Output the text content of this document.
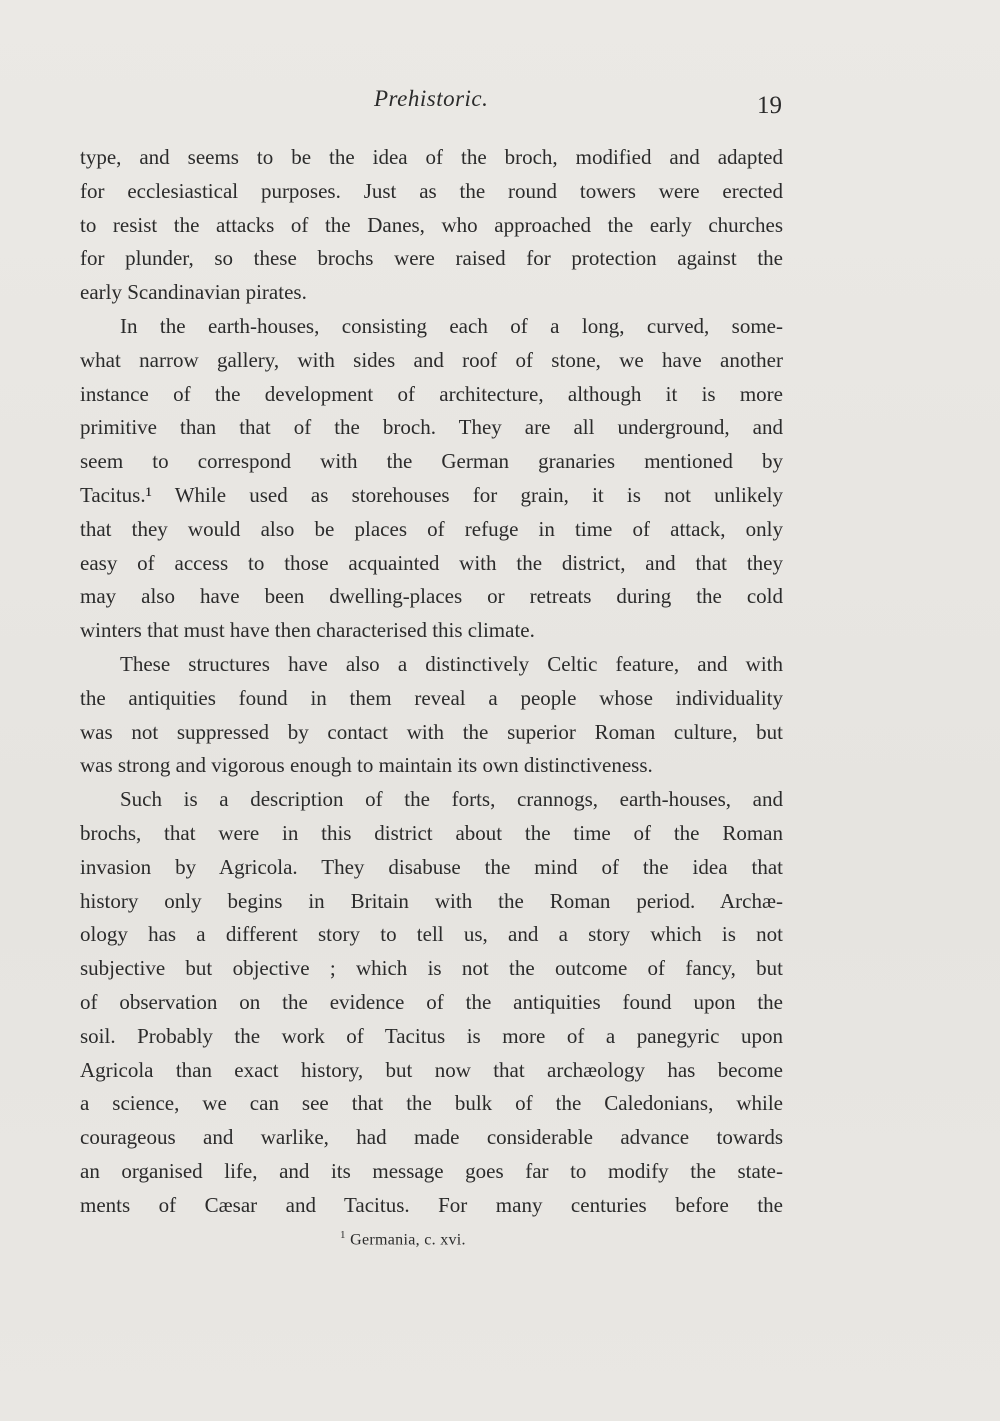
Prehistoric.	19
type, and seems to be the idea of the broch, modified and adapted
for ecclesiastical purposes. Just as the round towers were erected
to resist the attacks of the Danes, who approached the early churches
for plunder, so these brochs were raised for protection against the
early Scandinavian pirates.
In the earth-houses, consisting each of a long, curved, some-
what narrow gallery, with sides and roof of stone, we have another
instance of the development of architecture, although it is more
primitive than that of the broch. They are all underground, and
seem to correspond with the German granaries mentioned by
Tacitus.¹ While used as storehouses for grain, it is not unlikely
that they would also be places of refuge in time of attack, only
easy of access to those acquainted with the district, and that they
may also have been dwelling-places or retreats during the cold
winters that must have then characterised this climate.
These structures have also a distinctively Celtic feature, and with
the antiquities found in them reveal a people whose individuality
was not suppressed by contact with the superior Roman culture, but
was strong and vigorous enough to maintain its own distinctiveness.
Such is a description of the forts, crannogs, earth-houses, and
brochs, that were in this district about the time of the Roman
invasion by Agricola. They disabuse the mind of the idea that
history only begins in Britain with the Roman period. Archæ-
ology has a different story to tell us, and a story which is not
subjective but objective ; which is not the outcome of fancy, but
of observation on the evidence of the antiquities found upon the
soil. Probably the work of Tacitus is more of a panegyric upon
Agricola than exact history, but now that archæology has become
a science, we can see that the bulk of the Caledonians, while
courageous and warlike, had made considerable advance towards
an organised life, and its message goes far to modify the state-
ments of Cæsar and Tacitus. For many centuries before the
$^1$ Germania, c. xvi.
